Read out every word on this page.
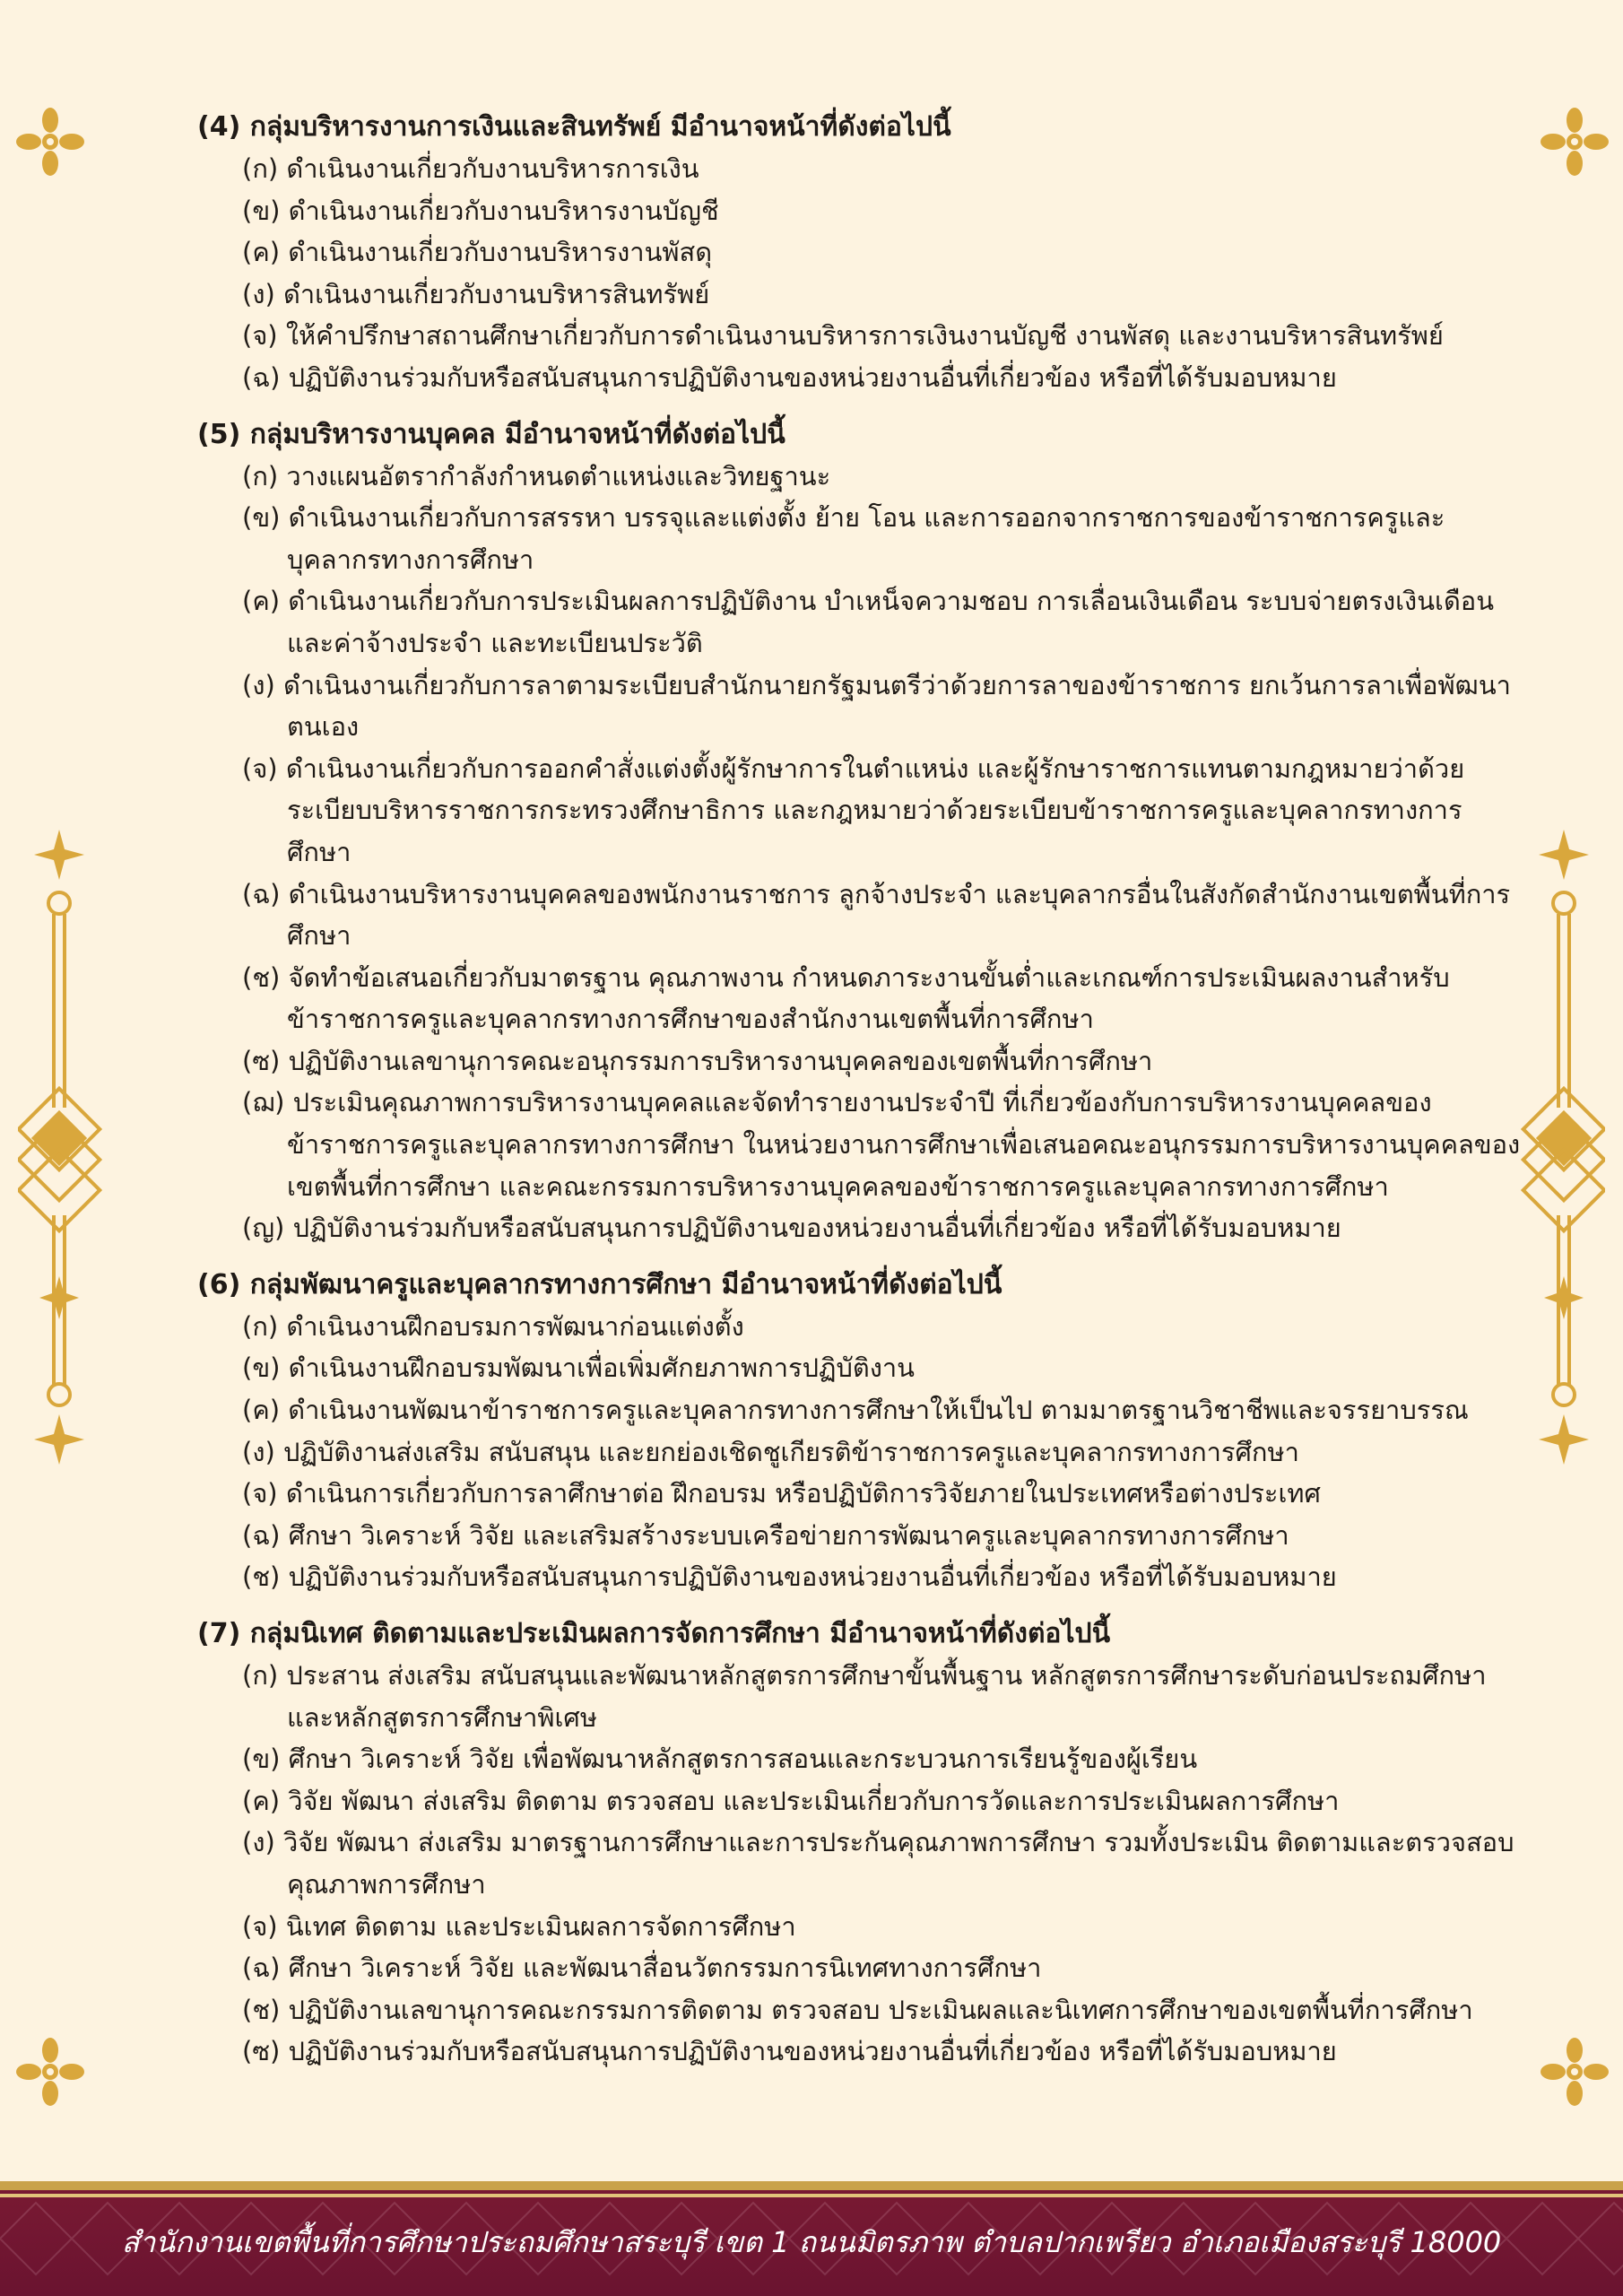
(4) กลุ่มบริหารงานการเงินและสินทรัพย์ มีอำนาจหน้าที่ดังต่อไปนี้

(ก) ดำเนินงานเกี่ยวกับงานบริหารการเงิน

(ข) ดำเนินงานเกี่ยวกับงานบริหารงานบัญชี

(ค) ดำเนินงานเกี่ยวกับงานบริหารงานพัสดุ

(ง) ดำเนินงานเกี่ยวกับงานบริหารสินทรัพย์

(จ) ให้คำปรึกษาสถานศึกษาเกี่ยวกับการดำเนินงานบริหารการเงินงานบัญชี งานพัสดุ และงานบริหารสินทรัพย์

(ฉ) ปฏิบัติงานร่วมกับหรือสนับสนุนการปฏิบัติงานของหน่วยงานอื่นที่เกี่ยวข้อง หรือที่ได้รับมอบหมาย

(5) กลุ่มบริหารงานบุคคล มีอำนาจหน้าที่ดังต่อไปนี้

(ก) วางแผนอัตรากำลังกำหนดตำแหน่งและวิทยฐานะ

(ข) ดำเนินงานเกี่ยวกับการสรรหา บรรจุและแต่งตั้ง ย้าย โอน และการออกจากราชการของข้าราชการครูและบุคลากรทางการศึกษา

(ค) ดำเนินงานเกี่ยวกับการประเมินผลการปฏิบัติงาน บำเหน็จความชอบ การเลื่อนเงินเดือน ระบบจ่ายตรงเงินเดือนและค่าจ้างประจำ และทะเบียนประวัติ

(ง) ดำเนินงานเกี่ยวกับการลาตามระเบียบสำนักนายกรัฐมนตรีว่าด้วยการลาของข้าราชการ ยกเว้นการลาเพื่อพัฒนาตนเอง

(จ) ดำเนินงานเกี่ยวกับการออกคำสั่งแต่งตั้งผู้รักษาการในตำแหน่ง และผู้รักษาราชการแทนตามกฎหมายว่าด้วยระเบียบบริหารราชการกระทรวงศึกษาธิการ และกฎหมายว่าด้วยระเบียบข้าราชการครูและบุคลากรทางการศึกษา

(ฉ) ดำเนินงานบริหารงานบุคคลของพนักงานราชการ ลูกจ้างประจำ และบุคลากรอื่นในสังกัดสำนักงานเขตพื้นที่การศึกษา

(ช) จัดทำข้อเสนอเกี่ยวกับมาตรฐาน คุณภาพงาน กำหนดภาระงานขั้นต่ำและเกณฑ์การประเมินผลงานสำหรับข้าราชการครูและบุคลากรทางการศึกษาของสำนักงานเขตพื้นที่การศึกษา

(ซ) ปฏิบัติงานเลขานุการคณะอนุกรรมการบริหารงานบุคคลของเขตพื้นที่การศึกษา

(ฌ) ประเมินคุณภาพการบริหารงานบุคคลและจัดทำรายงานประจำปี ที่เกี่ยวข้องกับการบริหารงานบุคคลของข้าราชการครูและบุคลากรทางการศึกษา ในหน่วยงานการศึกษาเพื่อเสนอคณะอนุกรรมการบริหารงานบุคคลของเขตพื้นที่การศึกษา และคณะกรรมการบริหารงานบุคคลของข้าราชการครูและบุคลากรทางการศึกษา

(ญ) ปฏิบัติงานร่วมกับหรือสนับสนุนการปฏิบัติงานของหน่วยงานอื่นที่เกี่ยวข้อง หรือที่ได้รับมอบหมาย

(6) กลุ่มพัฒนาครูและบุคลากรทางการศึกษา มีอำนาจหน้าที่ดังต่อไปนี้

(ก) ดำเนินงานฝึกอบรมการพัฒนาก่อนแต่งตั้ง

(ข) ดำเนินงานฝึกอบรมพัฒนาเพื่อเพิ่มศักยภาพการปฏิบัติงาน

(ค) ดำเนินงานพัฒนาข้าราชการครูและบุคลากรทางการศึกษาให้เป็นไป ตามมาตรฐานวิชาชีพและจรรยาบรรณ

(ง) ปฏิบัติงานส่งเสริม สนับสนุน และยกย่องเชิดชูเกียรติข้าราชการครูและบุคลากรทางการศึกษา

(จ) ดำเนินการเกี่ยวกับการลาศึกษาต่อ ฝึกอบรม หรือปฏิบัติการวิจัยภายในประเทศหรือต่างประเทศ

(ฉ) ศึกษา วิเคราะห์ วิจัย และเสริมสร้างระบบเครือข่ายการพัฒนาครูและบุคลากรทางการศึกษา

(ช) ปฏิบัติงานร่วมกับหรือสนับสนุนการปฏิบัติงานของหน่วยงานอื่นที่เกี่ยวข้อง หรือที่ได้รับมอบหมาย

(7) กลุ่มนิเทศ ติดตามและประเมินผลการจัดการศึกษา มีอำนาจหน้าที่ดังต่อไปนี้

(ก) ประสาน ส่งเสริม สนับสนุนและพัฒนาหลักสูตรการศึกษาขั้นพื้นฐาน หลักสูตรการศึกษาระดับก่อนประถมศึกษา และหลักสูตรการศึกษาพิเศษ

(ข) ศึกษา วิเคราะห์ วิจัย เพื่อพัฒนาหลักสูตรการสอนและกระบวนการเรียนรู้ของผู้เรียน

(ค) วิจัย พัฒนา ส่งเสริม ติดตาม ตรวจสอบ และประเมินเกี่ยวกับการวัดและการประเมินผลการศึกษา

(ง) วิจัย พัฒนา ส่งเสริม มาตรฐานการศึกษาและการประกันคุณภาพการศึกษา รวมทั้งประเมิน ติดตามและตรวจสอบคุณภาพการศึกษา

(จ) นิเทศ ติดตาม และประเมินผลการจัดการศึกษา

(ฉ) ศึกษา วิเคราะห์ วิจัย และพัฒนาสื่อนวัตกรรมการนิเทศทางการศึกษา

(ช) ปฏิบัติงานเลขานุการคณะกรรมการติดตาม ตรวจสอบ ประเมินผลและนิเทศการศึกษาของเขตพื้นที่การศึกษา

(ซ) ปฏิบัติงานร่วมกับหรือสนับสนุนการปฏิบัติงานของหน่วยงานอื่นที่เกี่ยวข้อง หรือที่ได้รับมอบหมาย

สำนักงานเขตพื้นที่การศึกษาประถมศึกษาสระบุรี เขต 1 ถนนมิตรภาพ ตำบลปากเพรียว อำเภอเมืองสระบุรี 18000
